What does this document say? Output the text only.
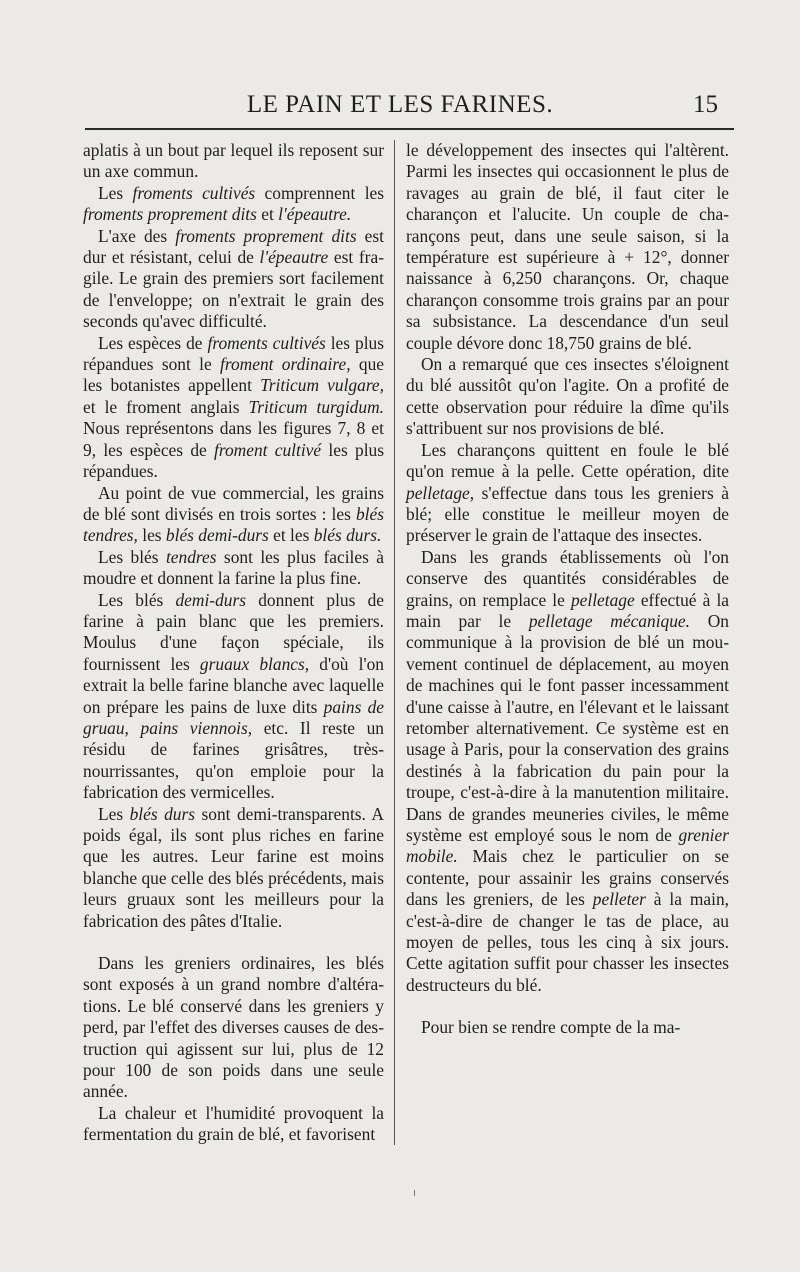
LE PAIN ET LES FARINES.	15

aplatis à un bout par lequel ils reposent sur un axe commun.

Les froments cultivés comprennent les froments proprement dits et l'épeautre.

L'axe des froments proprement dits est dur et résistant, celui de l'épeautre est fragile. Le grain des premiers sort facilement de l'enveloppe; on n'extrait le grain des seconds qu'avec difficulté.

Les espèces de froments cultivés les plus répandues sont le froment ordinaire, que les botanistes appellent Triticum vulgare, et le froment anglais Triticum turgidum. Nous représentons dans les figures 7, 8 et 9, les espèces de froment cultivé les plus répandues.

Au point de vue commercial, les grains de blé sont divisés en trois sortes : les blés tendres, les blés demi-durs et les blés durs.

Les blés tendres sont les plus faciles à moudre et donnent la farine la plus fine.

Les blés demi-durs donnent plus de farine à pain blanc que les premiers. Moulus d'une façon spéciale, ils fournissent les gruaux blancs, d'où l'on extrait la belle farine blanche avec laquelle on prépare les pains de luxe dits pains de gruau, pains viennois, etc. Il reste un résidu de farines grisâtres, très-nourrissantes, qu'on emploie pour la fabrication des vermicelles.

Les blés durs sont demi-transparents. A poids égal, ils sont plus riches en farine que les autres. Leur farine est moins blanche que celle des blés précédents, mais leurs gruaux sont les meilleurs pour la fabrication des pâtes d'Italie.

Dans les greniers ordinaires, les blés sont exposés à un grand nombre d'altérations. Le blé conservé dans les greniers y perd, par l'effet des diverses causes de destruction qui agissent sur lui, plus de 12 pour 100 de son poids dans une seule année.

La chaleur et l'humidité provoquent la fermentation du grain de blé, et favorisent

le développement des insectes qui l'altèrent. Parmi les insectes qui occasionnent le plus de ravages au grain de blé, il faut citer le charançon et l'alucite. Un couple de charançons peut, dans une seule saison, si la température est supérieure à + 12°, donner naissance à 6,250 charançons. Or, chaque charançon consomme trois grains par an pour sa subsistance. La descendance d'un seul couple dévore donc 18,750 grains de blé.

On a remarqué que ces insectes s'éloignent du blé aussitôt qu'on l'agite. On a profité de cette observation pour réduire la dîme qu'ils s'attribuent sur nos provisions de blé.

Les charançons quittent en foule le blé qu'on remue à la pelle. Cette opération, dite pelletage, s'effectue dans tous les greniers à blé; elle constitue le meilleur moyen de préserver le grain de l'attaque des insectes.

Dans les grands établissements où l'on conserve des quantités considérables de grains, on remplace le pelletage effectué à la main par le pelletage mécanique. On communique à la provision de blé un mouvement continuel de déplacement, au moyen de machines qui le font passer incessamment d'une caisse à l'autre, en l'élevant et le laissant retomber alternativement. Ce système est en usage à Paris, pour la conservation des grains destinés à la fabrication du pain pour la troupe, c'est-à-dire à la manutention militaire. Dans de grandes meuneries civiles, le même système est employé sous le nom de grenier mobile. Mais chez le particulier on se contente, pour assainir les grains conservés dans les greniers, de les pelleter à la main, c'est-à-dire de changer le tas de place, au moyen de pelles, tous les cinq à six jours. Cette agitation suffit pour chasser les insectes destructeurs du blé.

Pour bien se rendre compte de la ma-
